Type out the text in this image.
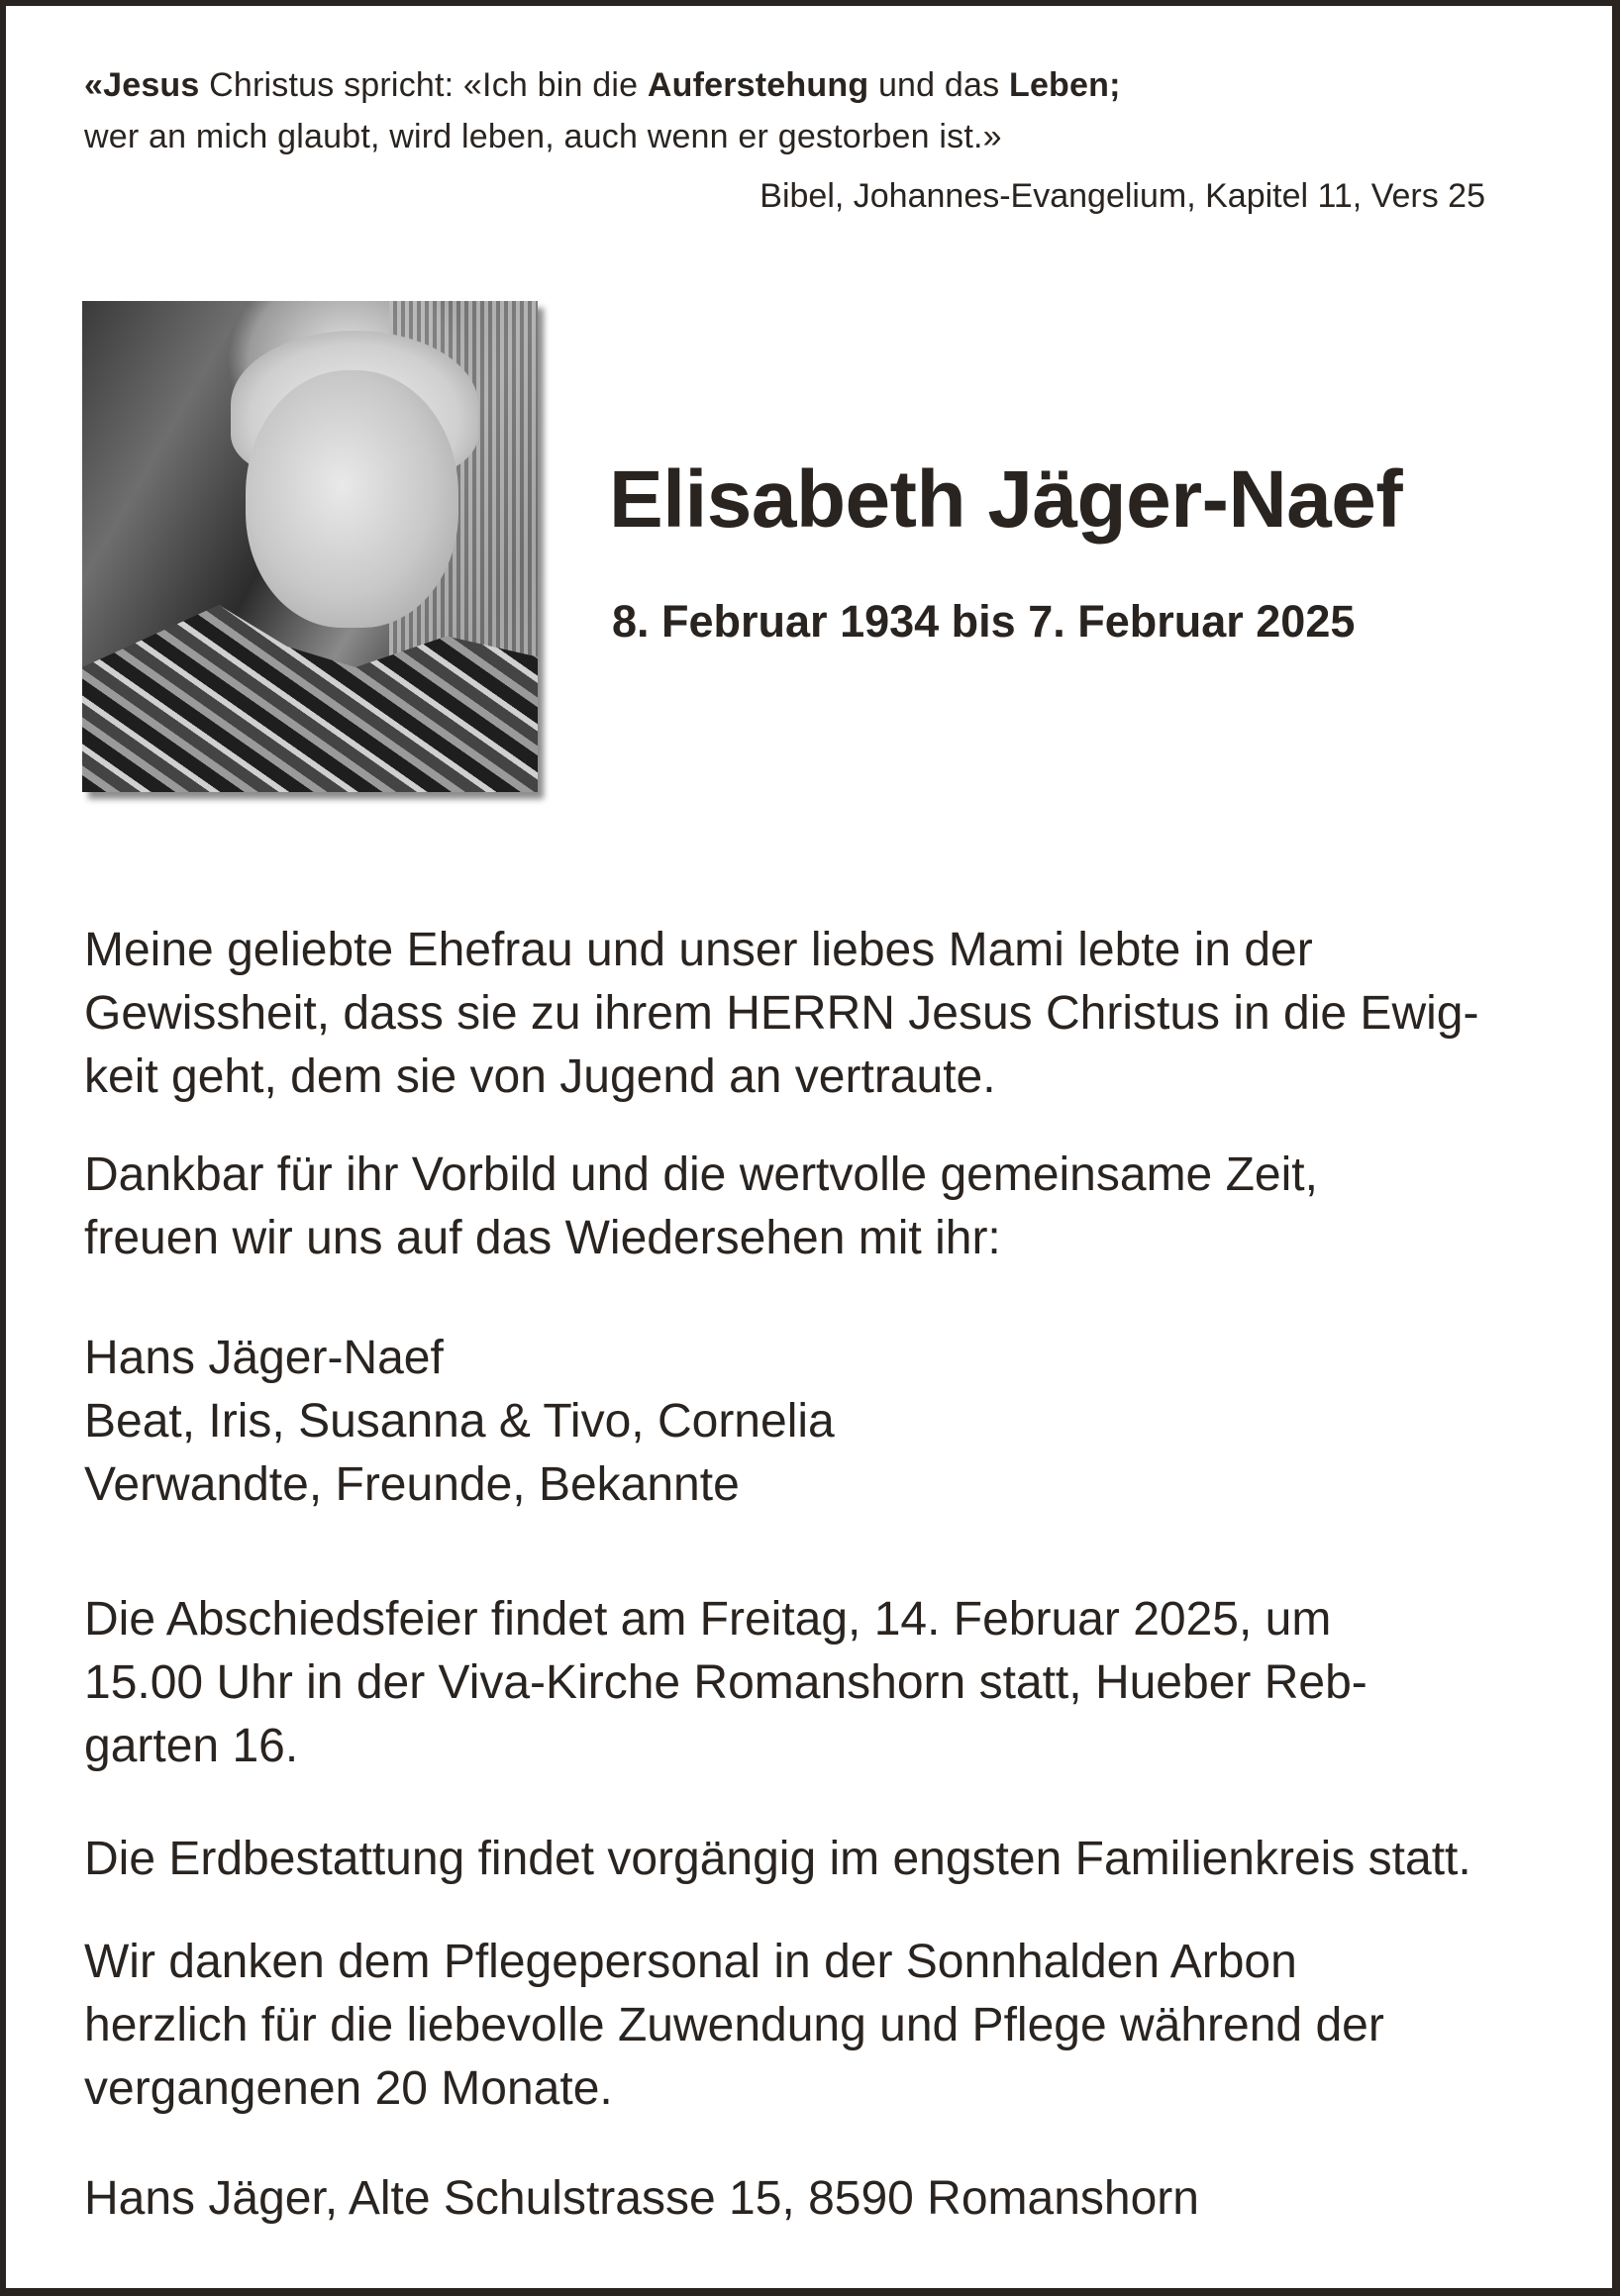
«Jesus Christus spricht: «Ich bin die Auferstehung und das Leben;
wer an mich glaubt, wird leben, auch wenn er gestorben ist.»
Bibel, Johannes-Evangelium, Kapitel 11, Vers 25
Elisabeth Jäger-Naef
8. Februar 1934 bis 7. Februar 2025
Meine geliebte Ehefrau und unser liebes Mami lebte in der
Gewissheit, dass sie zu ihrem HERRN Jesus Christus in die Ewig-
keit geht, dem sie von Jugend an vertraute.
Dankbar für ihr Vorbild und die wertvolle gemeinsame Zeit,
freuen wir uns auf das Wiedersehen mit ihr:
Hans Jäger-Naef
Beat, Iris, Susanna & Tivo, Cornelia
Verwandte, Freunde, Bekannte
Die Abschiedsfeier findet am Freitag, 14. Februar 2025, um
15.00 Uhr in der Viva-Kirche Romanshorn statt, Hueber Reb-
garten 16.
Die Erdbestattung findet vorgängig im engsten Familienkreis statt.
Wir danken dem Pflegepersonal in der Sonnhalden Arbon
herzlich für die liebevolle Zuwendung und Pflege während der
vergangenen 20 Monate.
Hans Jäger, Alte Schulstrasse 15, 8590 Romanshorn
